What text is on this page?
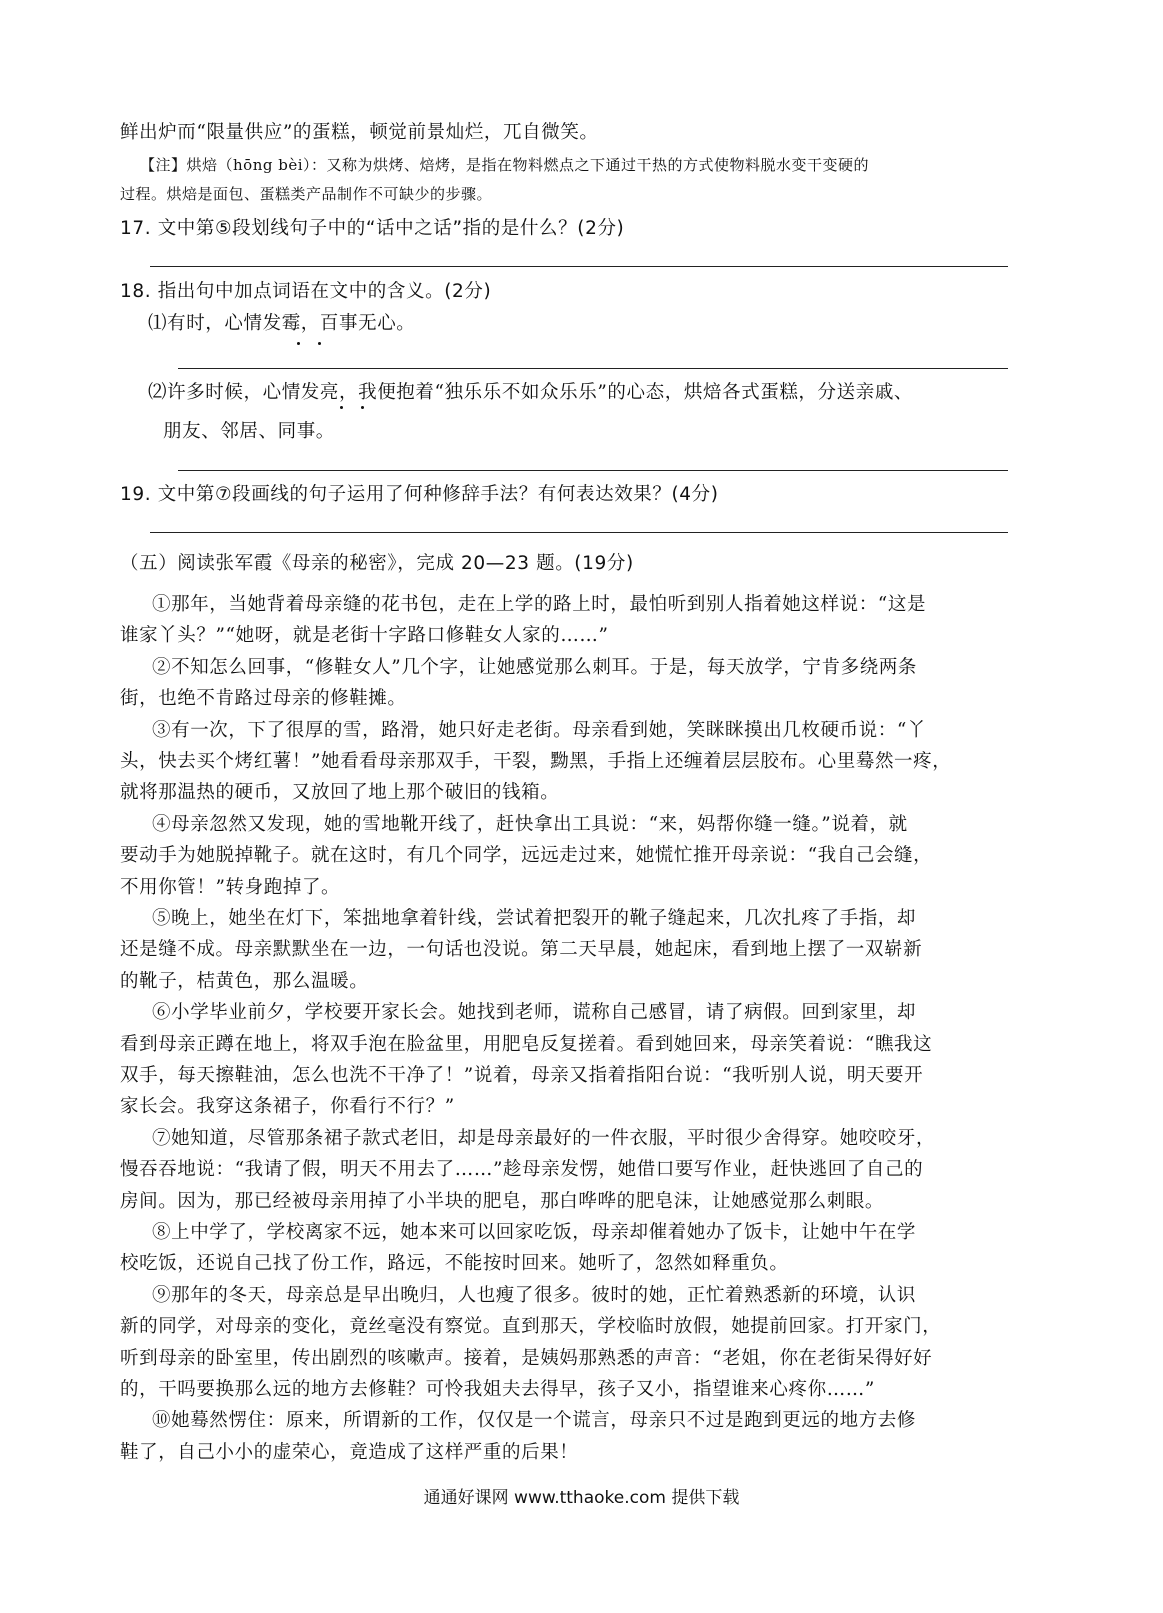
鲜出炉而“限量供应”的蛋糕，顿觉前景灿烂，兀自微笑。
【注】烘焙（hōng bèi）：又称为烘烤、焙烤，是指在物料燃点之下通过干热的方式使物料脱水变干变硬的
过程。烘焙是面包、蛋糕类产品制作不可缺少的步骤。
17. 文中第⑤段划线句子中的“话中之话”指的是什么？(2分)
18. 指出句中加点词语在文中的含义。(2分)
⑴有时，心情发霉，百事无心。
⑵许多时候，心情发亮，我便抱着“独乐乐不如众乐乐”的心态，烘焙各式蛋糕，分送亲戚、
朋友、邻居、同事。
19. 文中第⑦段画线的句子运用了何种修辞手法？有何表达效果？(4分)
（五）阅读张军霞《母亲的秘密》，完成 20—23 题。(19分)
①那年，当她背着母亲缝的花书包，走在上学的路上时，最怕听到别人指着她这样说：“这是
谁家丫头？”“她呀，就是老街十字路口修鞋女人家的……”
②不知怎么回事，“修鞋女人”几个字，让她感觉那么刺耳。于是，每天放学，宁肯多绕两条
街，也绝不肯路过母亲的修鞋摊。
③有一次，下了很厚的雪，路滑，她只好走老街。母亲看到她，笑眯眯摸出几枚硬币说：“丫
头，快去买个烤红薯！”她看看母亲那双手，干裂，黝黑，手指上还缠着层层胶布。心里蓦然一疼，
就将那温热的硬币，又放回了地上那个破旧的钱箱。
④母亲忽然又发现，她的雪地靴开线了，赶快拿出工具说：“来，妈帮你缝一缝。”说着，就
要动手为她脱掉靴子。就在这时，有几个同学，远远走过来，她慌忙推开母亲说：“我自己会缝，
不用你管！”转身跑掉了。
⑤晚上，她坐在灯下，笨拙地拿着针线，尝试着把裂开的靴子缝起来，几次扎疼了手指，却
还是缝不成。母亲默默坐在一边，一句话也没说。第二天早晨，她起床，看到地上摆了一双崭新
的靴子，桔黄色，那么温暖。
⑥小学毕业前夕，学校要开家长会。她找到老师，谎称自己感冒，请了病假。回到家里，却
看到母亲正蹲在地上，将双手泡在脸盆里，用肥皂反复搓着。看到她回来，母亲笑着说：“瞧我这
双手，每天擦鞋油，怎么也洗不干净了！”说着，母亲又指着指阳台说：“我听别人说，明天要开
家长会。我穿这条裙子，你看行不行？”
⑦她知道，尽管那条裙子款式老旧，却是母亲最好的一件衣服，平时很少舍得穿。她咬咬牙，
慢吞吞地说：“我请了假，明天不用去了……”趁母亲发愣，她借口要写作业，赶快逃回了自己的
房间。因为，那已经被母亲用掉了小半块的肥皂，那白哗哗的肥皂沫，让她感觉那么刺眼。
⑧上中学了，学校离家不远，她本来可以回家吃饭，母亲却催着她办了饭卡，让她中午在学
校吃饭，还说自己找了份工作，路远，不能按时回来。她听了，忽然如释重负。
⑨那年的冬天，母亲总是早出晚归，人也瘦了很多。彼时的她，正忙着熟悉新的环境，认识
新的同学，对母亲的变化，竟丝毫没有察觉。直到那天，学校临时放假，她提前回家。打开家门，
听到母亲的卧室里，传出剧烈的咳嗽声。接着，是姨妈那熟悉的声音：“老姐，你在老街呆得好好
的，干吗要换那么远的地方去修鞋？可怜我姐夫去得早，孩子又小，指望谁来心疼你……”
⑩她蓦然愣住：原来，所谓新的工作，仅仅是一个谎言，母亲只不过是跑到更远的地方去修
鞋了，自己小小的虚荣心，竟造成了这样严重的后果！
通通好课网 www.tthaoke.com 提供下载
